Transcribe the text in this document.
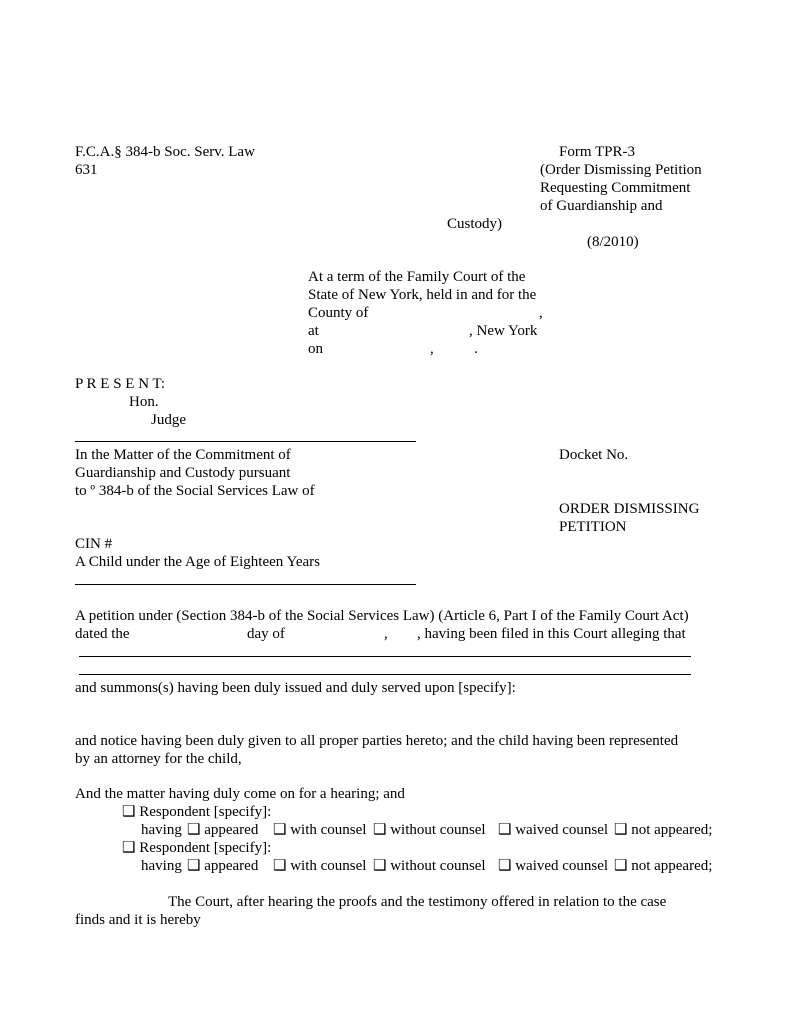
F.C.A.§ 384-b Soc. Serv. Law
631
Form TPR-3
(Order Dismissing Petition
Requesting Commitment
of Guardianship and
Custody)
(8/2010)
At a term of the Family Court of the
State of New York, held in and for the
County of	,
at	, New York
on	,	.
P R E S E N T:
Hon.
Judge
In the Matter of the Commitment of
Guardianship and Custody pursuant
to º 384-b of the Social Services Law of
Docket No.
ORDER DISMISSING
PETITION
CIN #
A Child under the Age of Eighteen Years
A petition under (Section 384-b of the Social Services Law) (Article 6, Part I of the Family Court Act)
dated the	day of	, , having been filed in this Court alleging that
and summons(s) having been duly issued and duly served upon [specify]:
and notice having been duly given to all proper parties hereto; and the child having been represented
by an attorney for the child,
And the matter having duly come on for a hearing; and
❑ Respondent [specify]:
having ❑ appeared ❑ with counsel ❑ without counsel ❑ waived counsel ❑ not appeared;
❑ Respondent [specify]:
having ❑ appeared ❑ with counsel ❑ without counsel ❑ waived counsel ❑ not appeared;
The Court, after hearing the proofs and the testimony offered in relation to the case
finds and it is hereby
